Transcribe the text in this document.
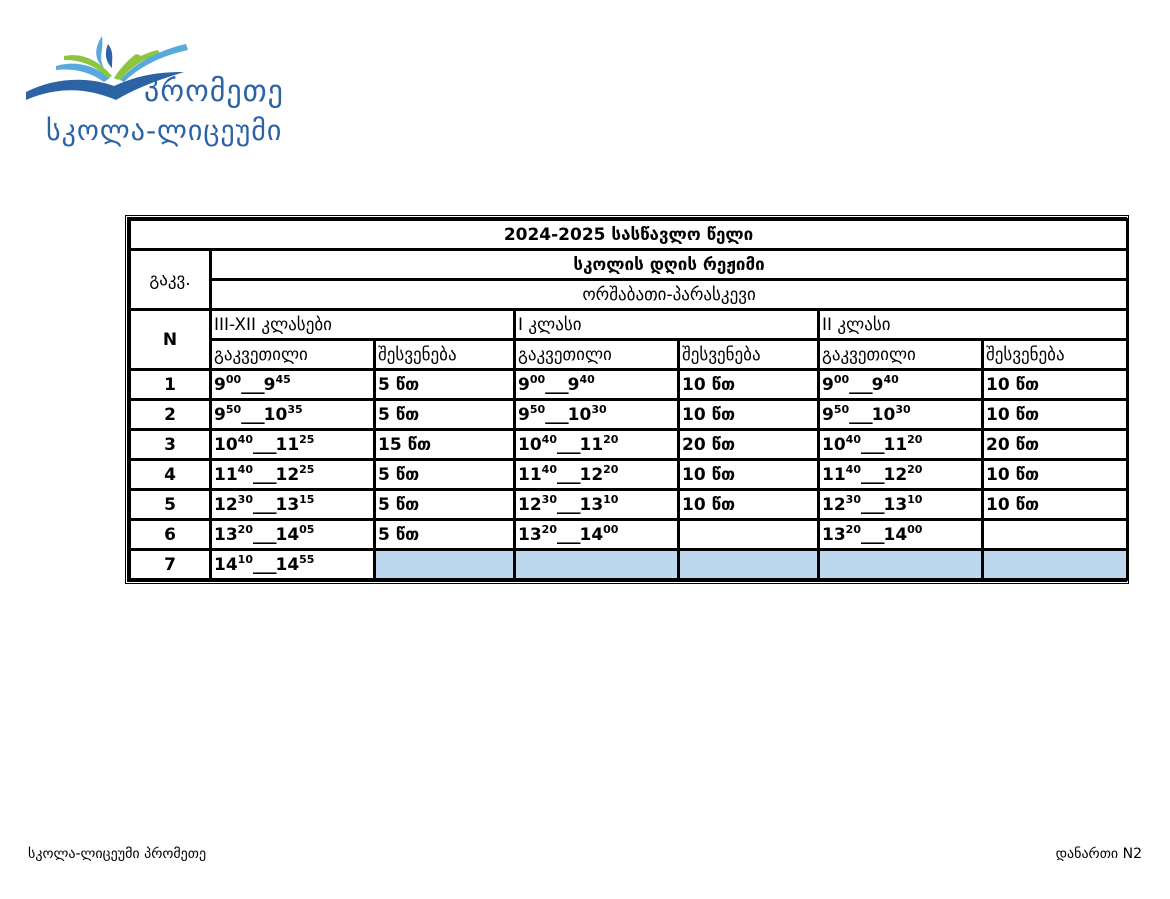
პრომეთე
სკოლა-ლიცეუმი
2024-2025 სასწავლო წელი						
გაკვ.	სკოლის დღის რეჟიმი					
	ორშაბათი-პარასკევი					
N	III-XII კლასები		I კლასი		II კლასი	
	გაკვეთილი	შესვენება	გაკვეთილი	შესვენება	გაკვეთილი	შესვენება
1	$9^{00}\_\_\_9^{45}$	5 წთ	$9^{00}\_\_\_9^{40}$	10 წთ	$9^{00}\_\_\_9^{40}$	10 წთ
2	$9^{50}\_\_\_10^{35}$	5 წთ	$9^{50}\_\_\_10^{30}$	10 წთ	$9^{50}\_\_\_10^{30}$	10 წთ
3	$10^{40}\_\_\_11^{25}$	15 წთ	$10^{40}\_\_\_11^{20}$	20 წთ	$10^{40}\_\_\_11^{20}$	20 წთ
4	$11^{40}\_\_\_12^{25}$	5 წთ	$11^{40}\_\_\_12^{20}$	10 წთ	$11^{40}\_\_\_12^{20}$	10 წთ
5	$12^{30}\_\_\_13^{15}$	5 წთ	$12^{30}\_\_\_13^{10}$	10 წთ	$12^{30}\_\_\_13^{10}$	10 წთ
6	$13^{20}\_\_\_14^{05}$	5 წთ	$13^{20}\_\_\_14^{00}$		$13^{20}\_\_\_14^{00}$	
7	$14^{10}\_\_\_14^{55}$					
სკოლა-ლიცეუმი პრომეთე	დანართი N2
